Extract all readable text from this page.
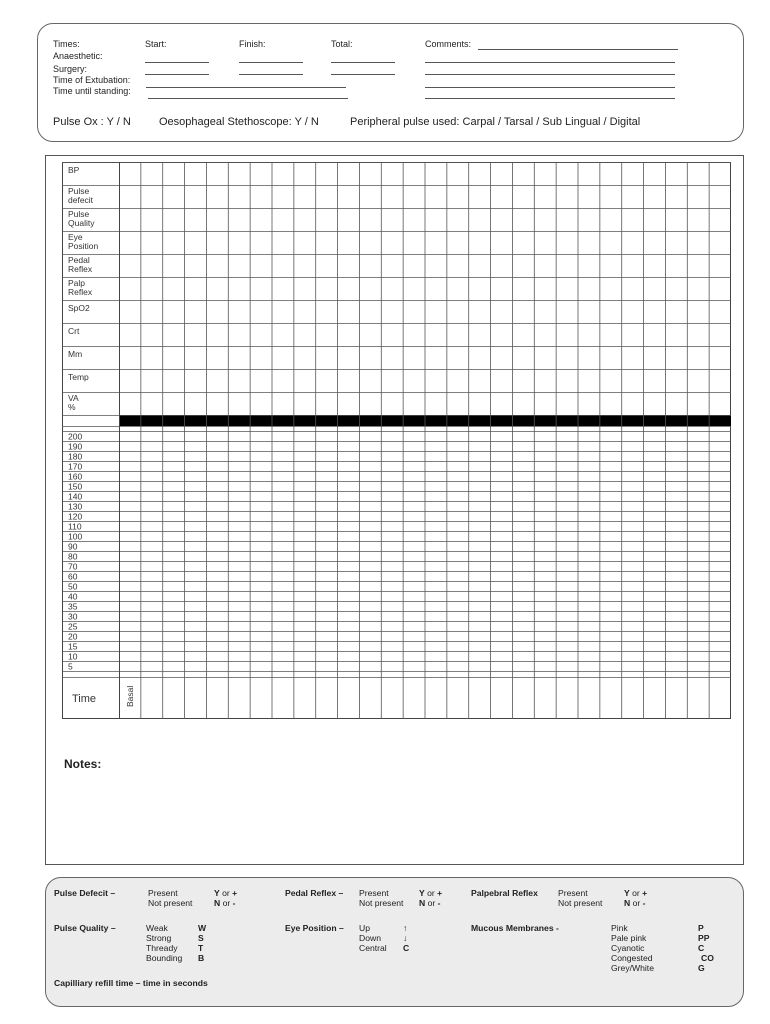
Times:	Start:	Finish:	Total:	Comments:
Anaesthetic:
Surgery:
Time of Extubation:
Time until standing:
Pulse Ox : Y / N	Oesophageal Stethoscope: Y / N	Peripheral pulse used: Carpal / Tarsal / Sub Lingual / Digital
BP
Pulse defecit
Pulse Quality
Eye Position
Pedal Reflex
Palp Reflex
SpO2
Crt
Mm
Temp
VA %
200
190
180
170
160
150
140
130
120
110
100
90
80
70
60
50
40
35
30
25
20
15
10
5
Time	Basal
Notes:
Pulse Defecit –	Present	Y or +
Not present	N or -
Pedal Reflex – Present	Y or +
Not present N or -
Palpebral Reflex Present	Y or +
Not present	N or -
Pulse Quality –	Weak	W
Strong	S
Thready T
Bounding B
Eye Position – Up	↑
Down	↓
Central C
Mucous Membranes -	Pink	P
Pale pink	PP
Cyanotic	C
Congested	CO
Grey/White	G
Capilliary refill time – time in seconds
